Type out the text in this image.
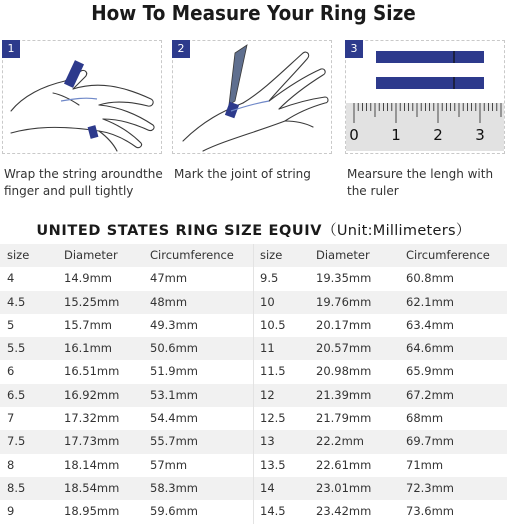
How To Measure Your Ring Size
1
Wrap the string aroundthe finger and pull tightly
2
Mark the joint of string
0 1 2 3
3
Mearsure the lengh with the ruler
UNITED STATES RING SIZE EQUIV（Unit:Millimeters）
size	Diameter	Circumference size	Diameter	Circumference
4	14.9mm	47mm	9.5	19.35mm	60.8mm
4.5	15.25mm	48mm	10	19.76mm	62.1mm
5	15.7mm	49.3mm	10.5	20.17mm	63.4mm
5.5	16.1mm	50.6mm	11	20.57mm	64.6mm
6	16.51mm	51.9mm	11.5	20.98mm	65.9mm
6.5	16.92mm	53.1mm	12	21.39mm	67.2mm
7	17.32mm	54.4mm	12.5	21.79mm	68mm
7.5	17.73mm	55.7mm	13	22.2mm	69.7mm
8	18.14mm	57mm	13.5	22.61mm	71mm
8.5	18.54mm	58.3mm	14	23.01mm	72.3mm
9	18.95mm	59.6mm	14.5	23.42mm	73.6mm
